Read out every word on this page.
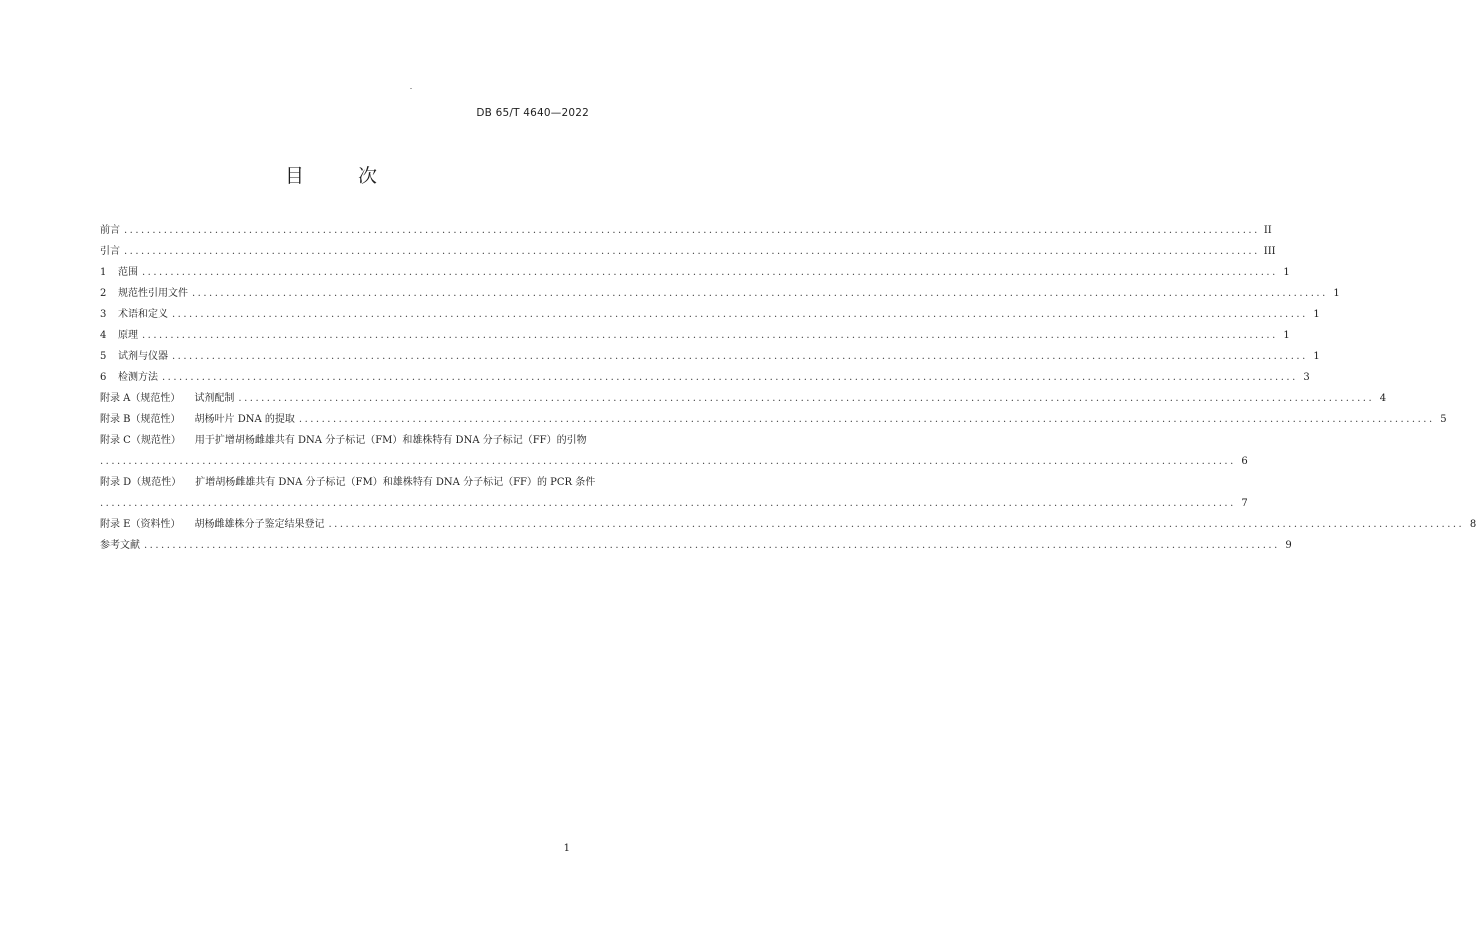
DB 65/T 4640—2022
目 次
前言 ........................................................................................................................................................................................................ II
引言 ........................................................................................................................................................................................................ III
1	范围 ........................................................................................................................................................................................................ 1
2	规范性引用文件 ........................................................................................................................................................................................................ 1
3	术语和定义 ........................................................................................................................................................................................................ 1
4	原理 ........................................................................................................................................................................................................ 1
5	试剂与仪器 ........................................................................................................................................................................................................ 1
6	检测方法 ........................................................................................................................................................................................................ 3
附录 A（规范性） 试剂配制 ........................................................................................................................................................................................................ 4
附录 B（规范性） 胡杨叶片 DNA 的提取 ........................................................................................................................................................................................................ 5
附录 C（规范性） 用于扩增胡杨雌雄共有 DNA 分子标记（FM）和雄株特有 DNA 分子标记（FF）的引物
........................................................................................................................................................................................................ 6
附录 D（规范性） 扩增胡杨雌雄共有 DNA 分子标记（FM）和雄株特有 DNA 分子标记（FF）的 PCR 条件
........................................................................................................................................................................................................ 7
附录 E（资料性） 胡杨雌雄株分子鉴定结果登记 ........................................................................................................................................................................................................ 8
参考文献 ........................................................................................................................................................................................................ 9
1
